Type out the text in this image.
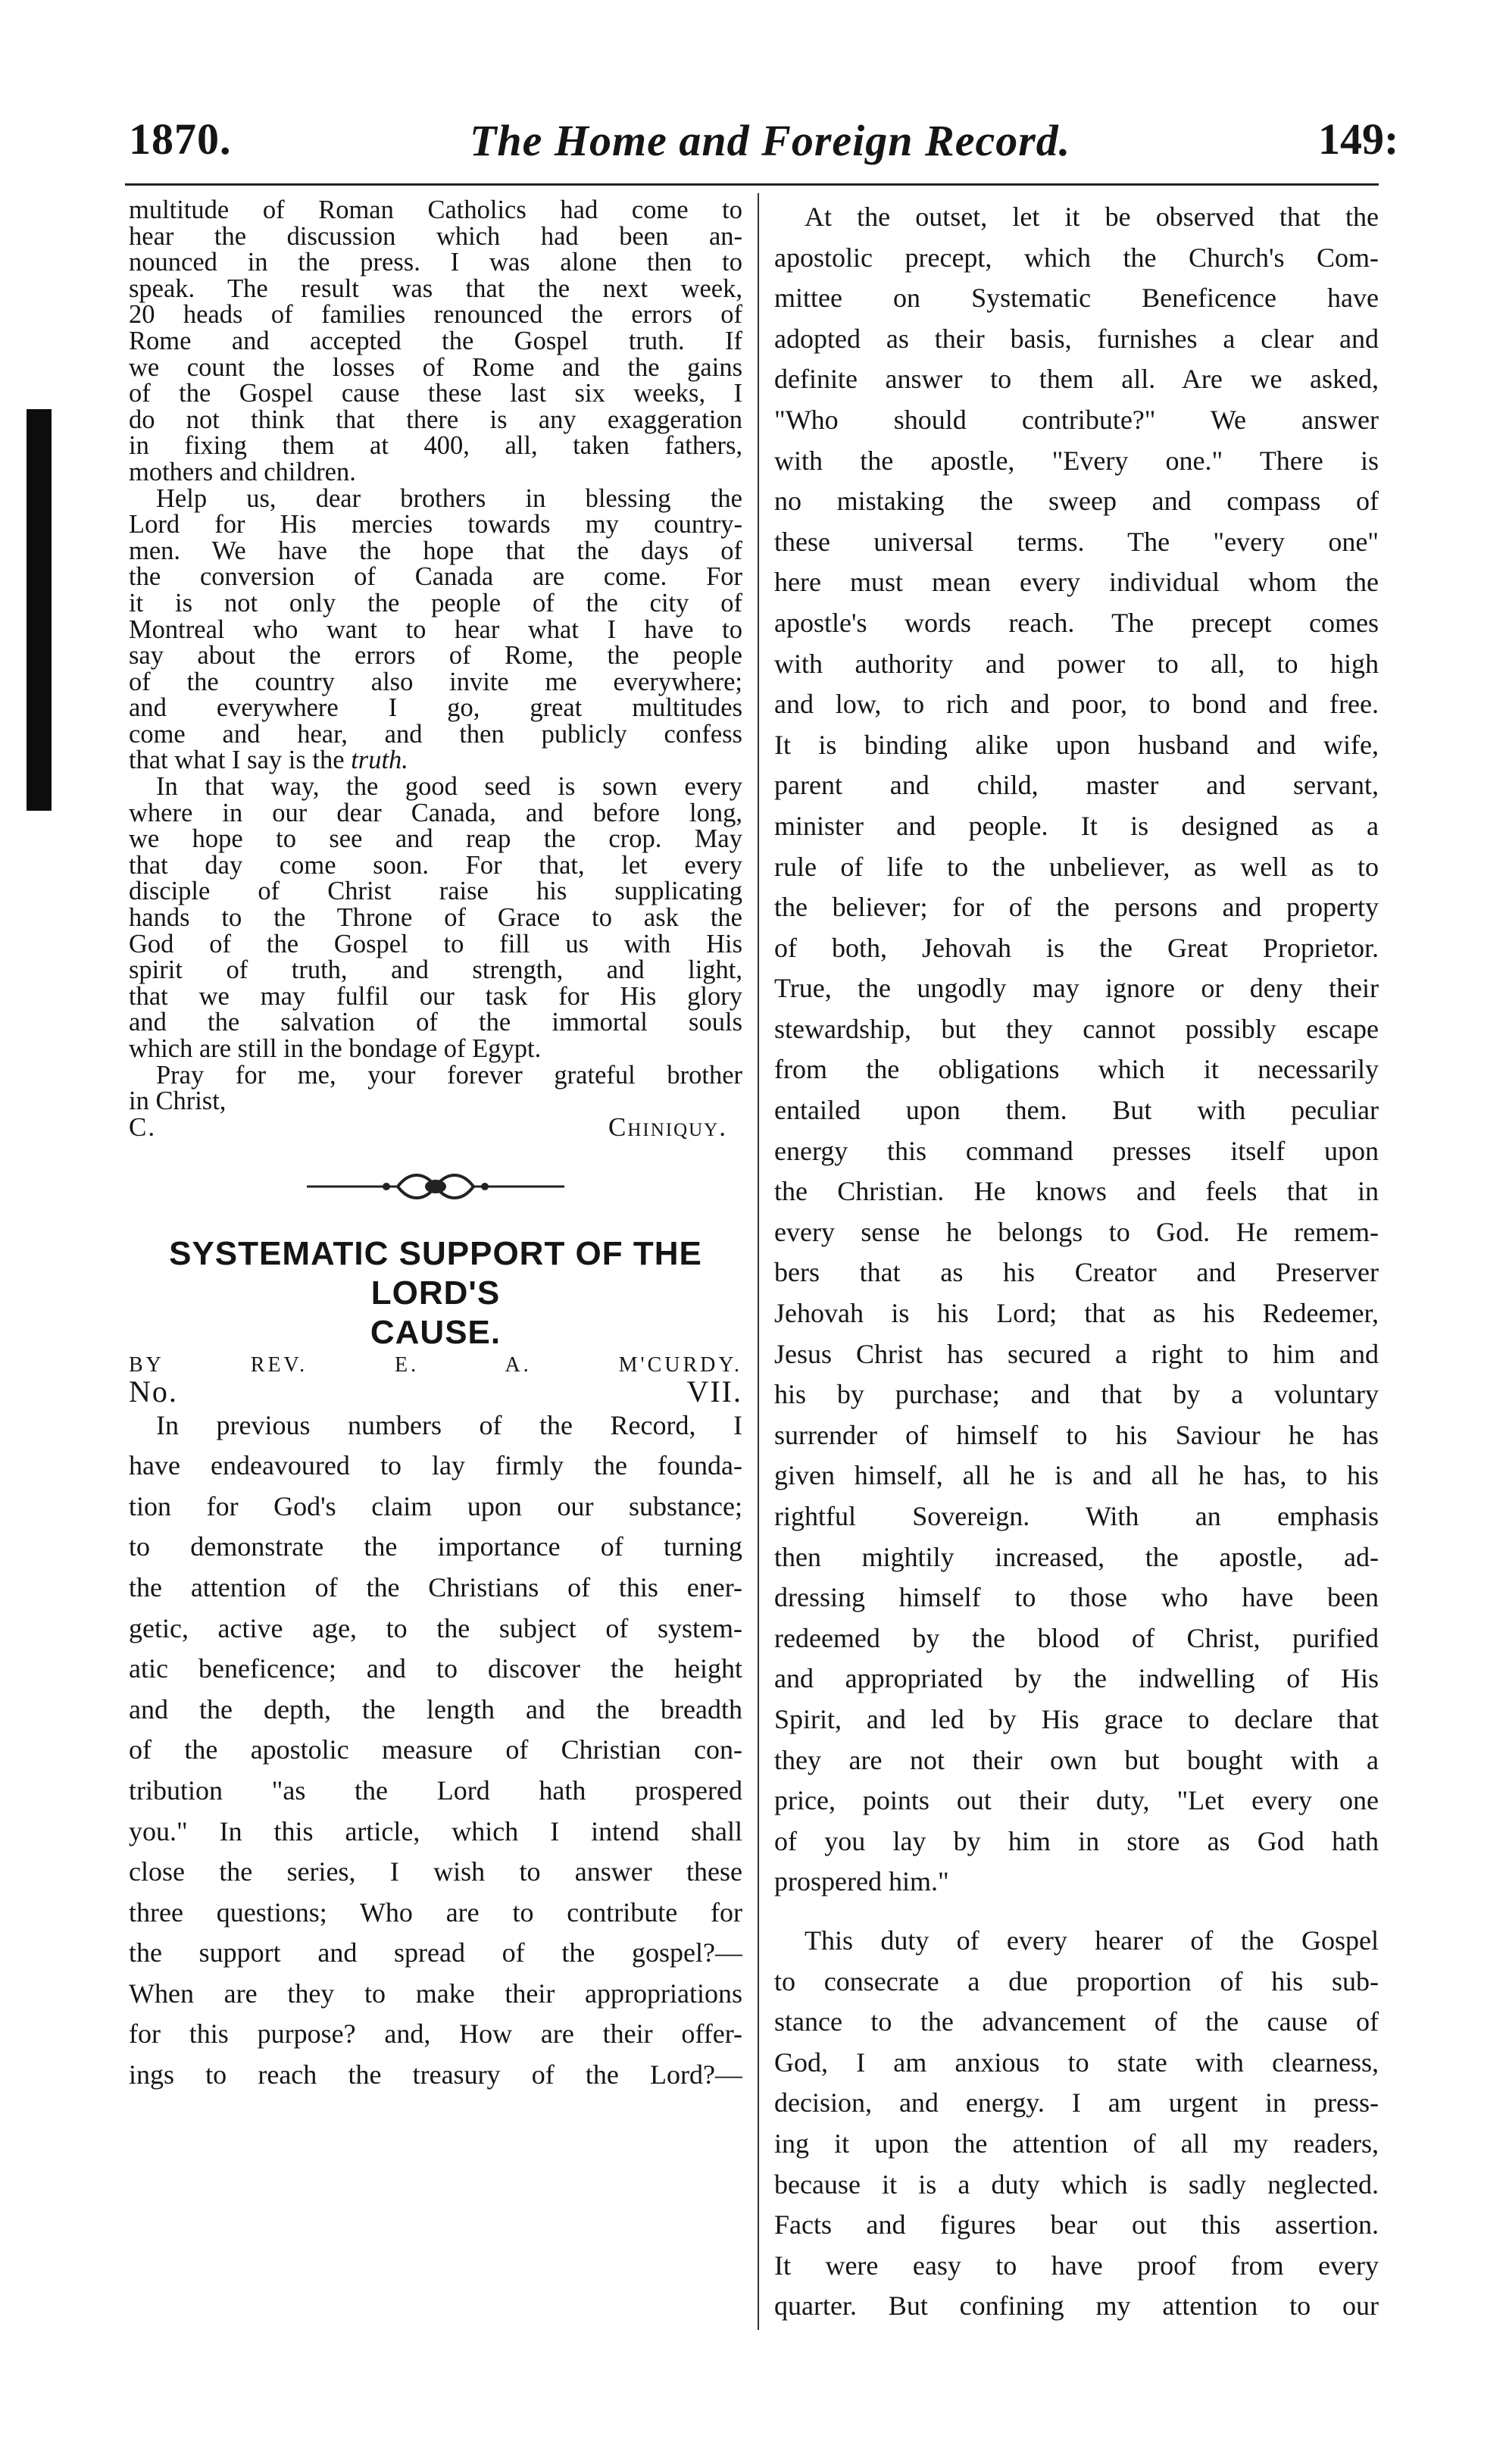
1870.	The Home and Foreign Record.	149:

multitude of Roman Catholics had come to

hear the discussion which had been an-

nounced in the press. I was alone then to

speak. The result was that the next week,

20 heads of families renounced the errors of

Rome and accepted the Gospel truth. If

we count the losses of Rome and the gains

of the Gospel cause these last six weeks, I

do not think that there is any exaggeration

in fixing them at 400, all, taken fathers,

mothers and children.

Help us, dear brothers in blessing the

Lord for His mercies towards my country-

men. We have the hope that the days of

the conversion of Canada are come. For

it is not only the people of the city of

Montreal who want to hear what I have to

say about the errors of Rome, the people

of the country also invite me everywhere;

and everywhere I go, great multitudes

come and hear, and then publicly confess

that what I say is the truth.

In that way, the good seed is sown every

where in our dear Canada, and before long,

we hope to see and reap the crop. May

that day come soon. For that, let every

disciple of Christ raise his supplicating

hands to the Throne of Grace to ask the

God of the Gospel to fill us with His

spirit of truth, and strength, and light,

that we may fulfil our task for His glory

and the salvation of the immortal souls

which are still in the bondage of Egypt.

Pray for me, your forever grateful brother

in Christ,

C. Chiniquy.

SYSTEMATIC SUPPORT OF THE LORD'S
CAUSE.

BY REV. E. A. M'CURDY.

No. VII.

In previous numbers of the Record, I

have endeavoured to lay firmly the founda-

tion for God's claim upon our substance;

to demonstrate the importance of turning

the attention of the Christians of this ener-

getic, active age, to the subject of system-

atic beneficence; and to discover the height

and the depth, the length and the breadth

of the apostolic measure of Christian con-

tribution "as the Lord hath prospered

you." In this article, which I intend shall

close the series, I wish to answer these

three questions; Who are to contribute for

the support and spread of the gospel?—

When are they to make their appropriations

for this purpose? and, How are their offer-

ings to reach the treasury of the Lord?—

At the outset, let it be observed that the

apostolic precept, which the Church's Com-

mittee on Systematic Beneficence have

adopted as their basis, furnishes a clear and

definite answer to them all. Are we asked,

"Who should contribute?" We answer

with the apostle, "Every one." There is

no mistaking the sweep and compass of

these universal terms. The "every one"

here must mean every individual whom the

apostle's words reach. The precept comes

with authority and power to all, to high

and low, to rich and poor, to bond and free.

It is binding alike upon husband and wife,

parent and child, master and servant,

minister and people. It is designed as a

rule of life to the unbeliever, as well as to

the believer; for of the persons and property

of both, Jehovah is the Great Proprietor.

True, the ungodly may ignore or deny their

stewardship, but they cannot possibly escape

from the obligations which it necessarily

entailed upon them. But with peculiar

energy this command presses itself upon

the Christian. He knows and feels that in

every sense he belongs to God. He remem-

bers that as his Creator and Preserver

Jehovah is his Lord; that as his Redeemer,

Jesus Christ has secured a right to him and

his by purchase; and that by a voluntary

surrender of himself to his Saviour he has

given himself, all he is and all he has, to his

rightful Sovereign. With an emphasis

then mightily increased, the apostle, ad-

dressing himself to those who have been

redeemed by the blood of Christ, purified

and appropriated by the indwelling of His

Spirit, and led by His grace to declare that

they are not their own but bought with a

price, points out their duty, "Let every one

of you lay by him in store as God hath

prospered him."

This duty of every hearer of the Gospel

to consecrate a due proportion of his sub-

stance to the advancement of the cause of

God, I am anxious to state with clearness,

decision, and energy. I am urgent in press-

ing it upon the attention of all my readers,

because it is a duty which is sadly neglected.

Facts and figures bear out this assertion.

It were easy to have proof from every

quarter. But confining my attention to our
